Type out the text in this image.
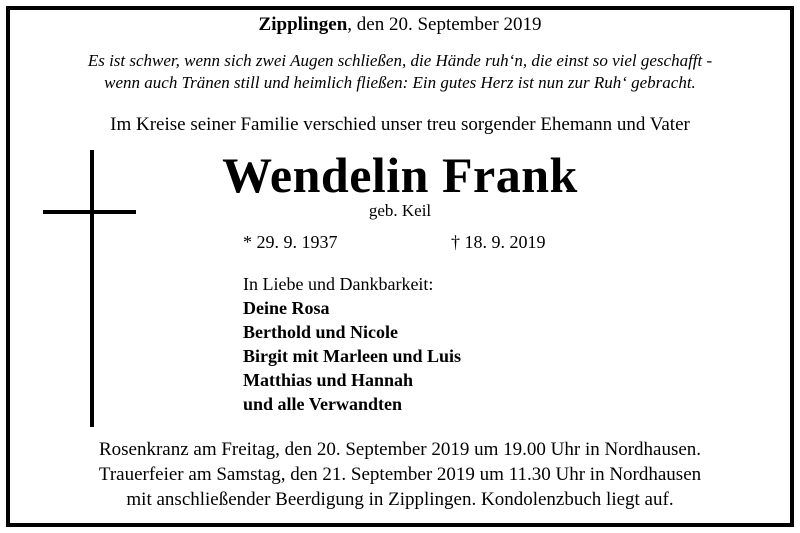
Zipplingen, den 20. September 2019
Es ist schwer, wenn sich zwei Augen schließen, die Hände ruh‘n, die einst so viel geschafft -
wenn auch Tränen still und heimlich fließen: Ein gutes Herz ist nun zur Ruh‘ gebracht.
Im Kreise seiner Familie verschied unser treu sorgender Ehemann und Vater
Wendelin Frank
geb. Keil
* 29. 9. 1937	† 18. 9. 2019
In Liebe und Dankbarkeit:
Deine Rosa
Berthold und Nicole
Birgit mit Marleen und Luis
Matthias und Hannah
und alle Verwandten
Rosenkranz am Freitag, den 20. September 2019 um 19.00 Uhr in Nordhausen.
Trauerfeier am Samstag, den 21. September 2019 um 11.30 Uhr in Nordhausen
mit anschließender Beerdigung in Zipplingen. Kondolenzbuch liegt auf.
